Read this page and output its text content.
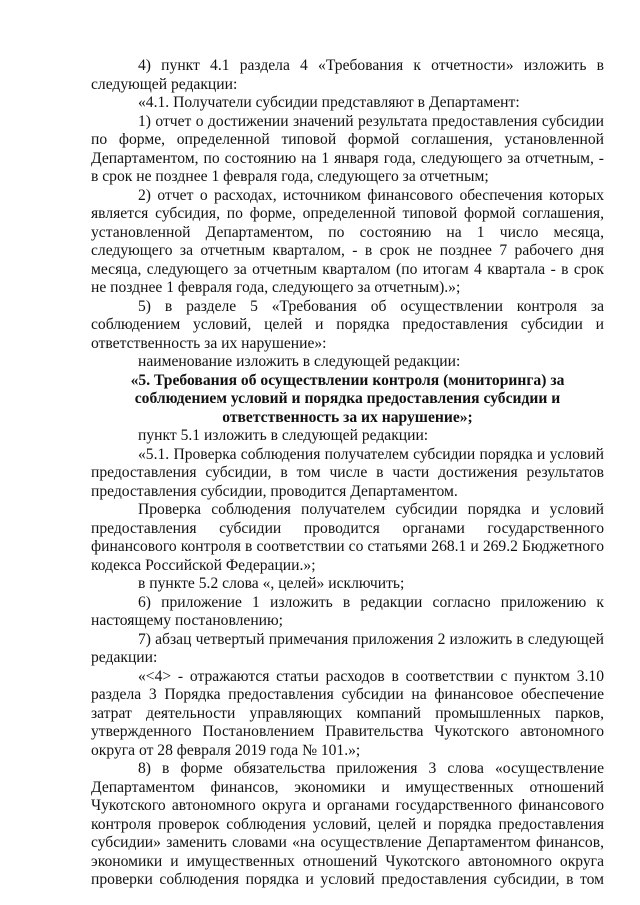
4) пункт 4.1 раздела 4 «Требования к отчетности» изложить в следующей редакции:

«4.1. Получатели субсидии представляют в Департамент:

1) отчет о достижении значений результата предоставления субсидии по форме, определенной типовой формой соглашения, установленной Департаментом, по состоянию на 1 января года, следующего за отчетным, - в срок не позднее 1 февраля года, следующего за отчетным;

2) отчет о расходах, источником финансового обеспечения которых является субсидия, по форме, определенной типовой формой соглашения, установленной Департаментом, по состоянию на 1 число месяца, следующего за отчетным кварталом, - в срок не позднее 7 рабочего дня месяца, следующего за отчетным кварталом (по итогам 4 квартала - в срок не позднее 1 февраля года, следующего за отчетным).»;

5) в разделе 5 «Требования об осуществлении контроля за соблюдением условий, целей и порядка предоставления субсидии и ответственность за их нарушение»:

наименование изложить в следующей редакции:

«5. Требования об осуществлении контроля (мониторинга) за соблюдением условий и порядка предоставления субсидии и ответственность за их нарушение»;

пункт 5.1 изложить в следующей редакции:

«5.1. Проверка соблюдения получателем субсидии порядка и условий предоставления субсидии, в том числе в части достижения результатов предоставления субсидии, проводится Департаментом.

Проверка соблюдения получателем субсидии порядка и условий предоставления субсидии проводится органами государственного финансового контроля в соответствии со статьями 268.1 и 269.2 Бюджетного кодекса Российской Федерации.»;

в пункте 5.2 слова «, целей» исключить;

6) приложение 1 изложить в редакции согласно приложению к настоящему постановлению;

7) абзац четвертый примечания приложения 2 изложить в следующей редакции:

«<4> - отражаются статьи расходов в соответствии с пунктом 3.10 раздела 3 Порядка предоставления субсидии на финансовое обеспечение затрат деятельности управляющих компаний промышленных парков, утвержденного Постановлением Правительства Чукотского автономного округа от 28 февраля 2019 года № 101.»;

8) в форме обязательства приложения 3 слова «осуществление Департаментом финансов, экономики и имущественных отношений Чукотского автономного округа и органами государственного финансового контроля проверок соблюдения условий, целей и порядка предоставления субсидии» заменить словами «на осуществление Департаментом финансов, экономики и имущественных отношений Чукотского автономного округа проверки соблюдения порядка и условий предоставления субсидии, в том
